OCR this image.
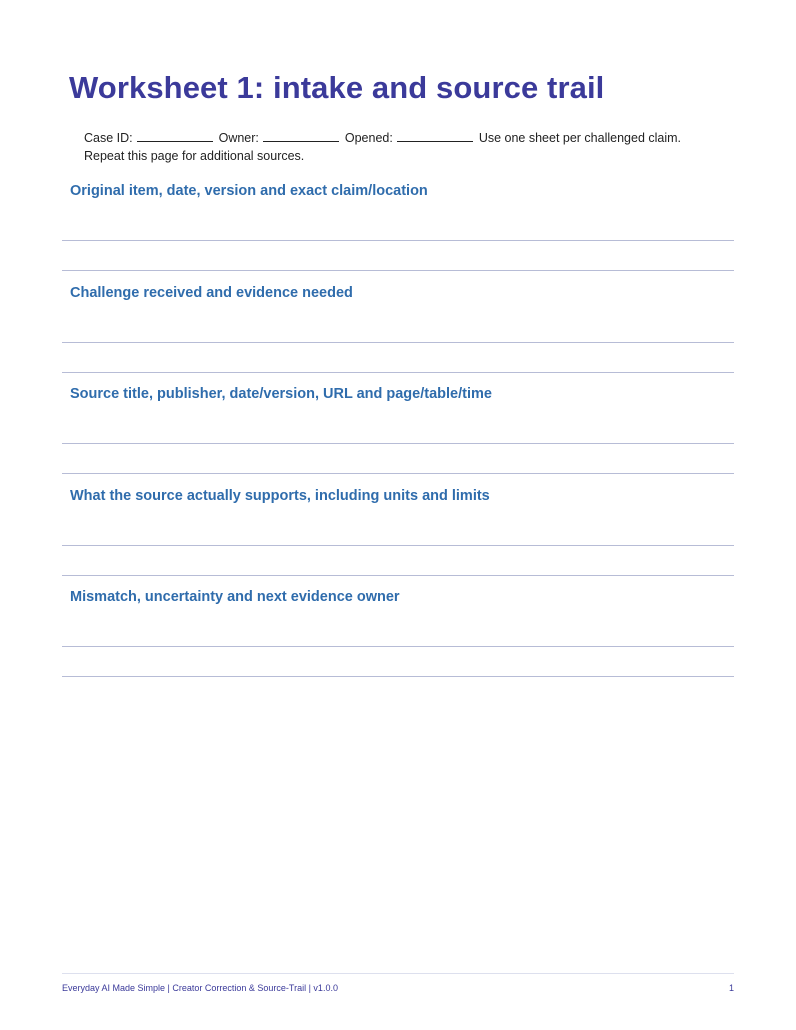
Worksheet 1: intake and source trail
Case ID:	Owner:	Opened:	Use one sheet per challenged claim.
Repeat this page for additional sources.
Original item, date, version and exact claim/location
Challenge received and evidence needed
Source title, publisher, date/version, URL and page/table/time
What the source actually supports, including units and limits
Mismatch, uncertainty and next evidence owner
Everyday AI Made Simple | Creator Correction & Source-Trail | v1.0.0	1
